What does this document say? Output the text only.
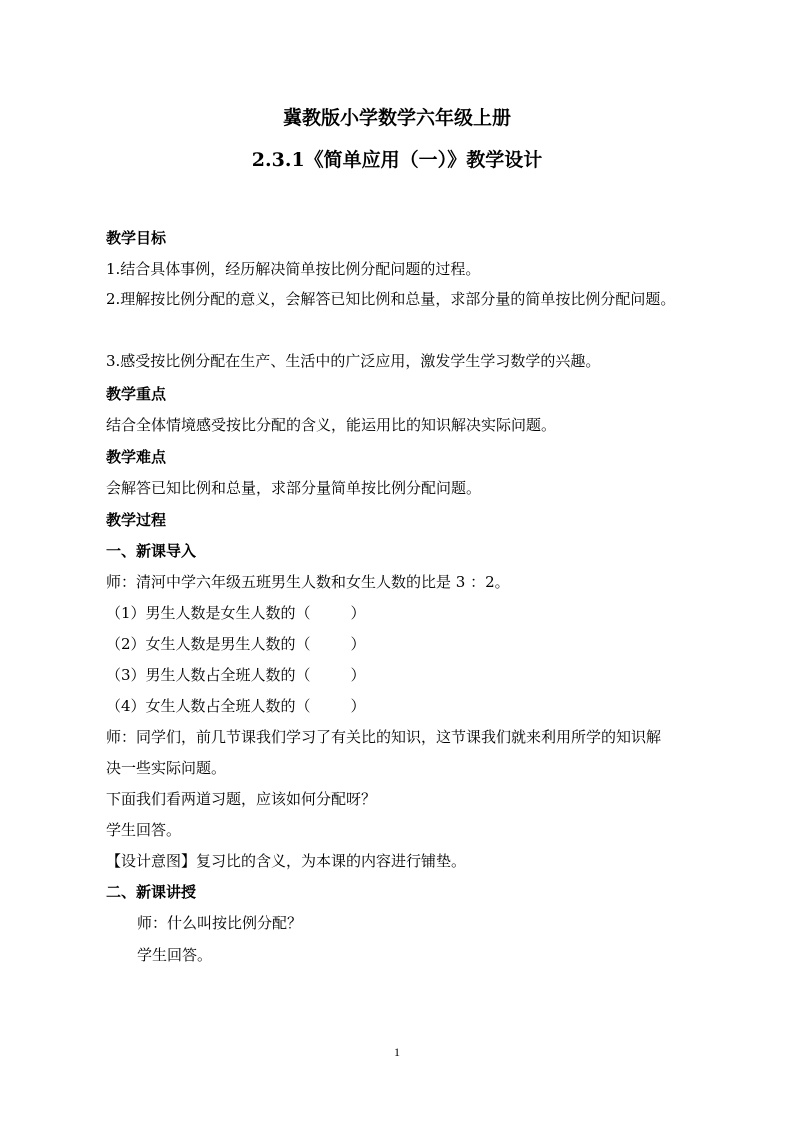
冀教版小学数学六年级上册
2.3.1《简单应用（一）》教学设计
教学目标
1.结合具体事例，经历解决简单按比例分配问题的过程。
2.理解按比例分配的意义，会解答已知比例和总量，求部分量的简单按比例分配问题。
3.感受按比例分配在生产、生活中的广泛应用，激发学生学习数学的兴趣。
教学重点
结合全体情境感受按比分配的含义，能运用比的知识解决实际问题。
教学难点
会解答已知比例和总量，求部分量简单按比例分配问题。
教学过程
一、新课导入
师：清河中学六年级五班男生人数和女生人数的比是 3 ：2。
（1）男生人数是女生人数的（	）
（2）女生人数是男生人数的（	）
（3）男生人数占全班人数的（	）
（4）女生人数占全班人数的（	）
师：同学们，前几节课我们学习了有关比的知识，这节课我们就来利用所学的知识解
决一些实际问题。
下面我们看两道习题，应该如何分配呀？
学生回答。
【设计意图】复习比的含义，为本课的内容进行铺垫。
二、新课讲授
师：什么叫按比例分配？
学生回答。
1
